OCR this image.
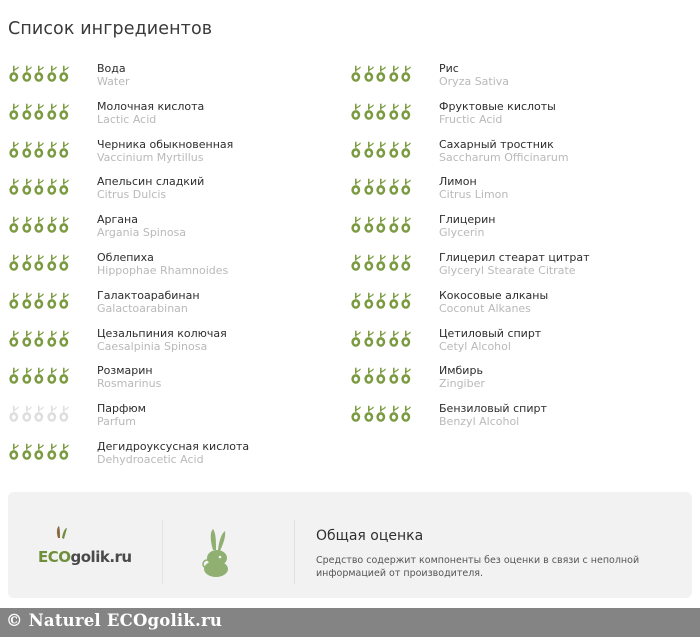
Список ингредиентов
Вода
Water
Молочная кислота
Lactic Acid
Черника обыкновенная
Vaccinium Myrtillus
Апельсин сладкий
Citrus Dulcis
Аргана
Argania Spinosa
Облепиха
Hippophae Rhamnoides
Галактоарабинан
Galactoarabinan
Цезальпиния колючая
Caesalpinia Spinosa
Розмарин
Rosmarinus
Парфюм
Parfum
Дегидроуксусная кислота
Dehydroacetic Acid
Рис
Oryza Sativa
Фруктовые кислоты
Fructic Acid
Сахарный тростник
Saccharum Officinarum
Лимон
Citrus Limon
Глицерин
Glycerin
Глицерил стеарат цитрат
Glyceryl Stearate Citrate
Кокосовые алканы
Coconut Alkanes
Цетиловый спирт
Cetyl Alcohol
Имбирь
Zingiber
Бензиловый спирт
Benzyl Alcohol
ECOgolik.ru
Общая оценка
Средство содержит компоненты без оценки в связи с неполной информацией от производителя.
© Naturel ECOgolik.ru
